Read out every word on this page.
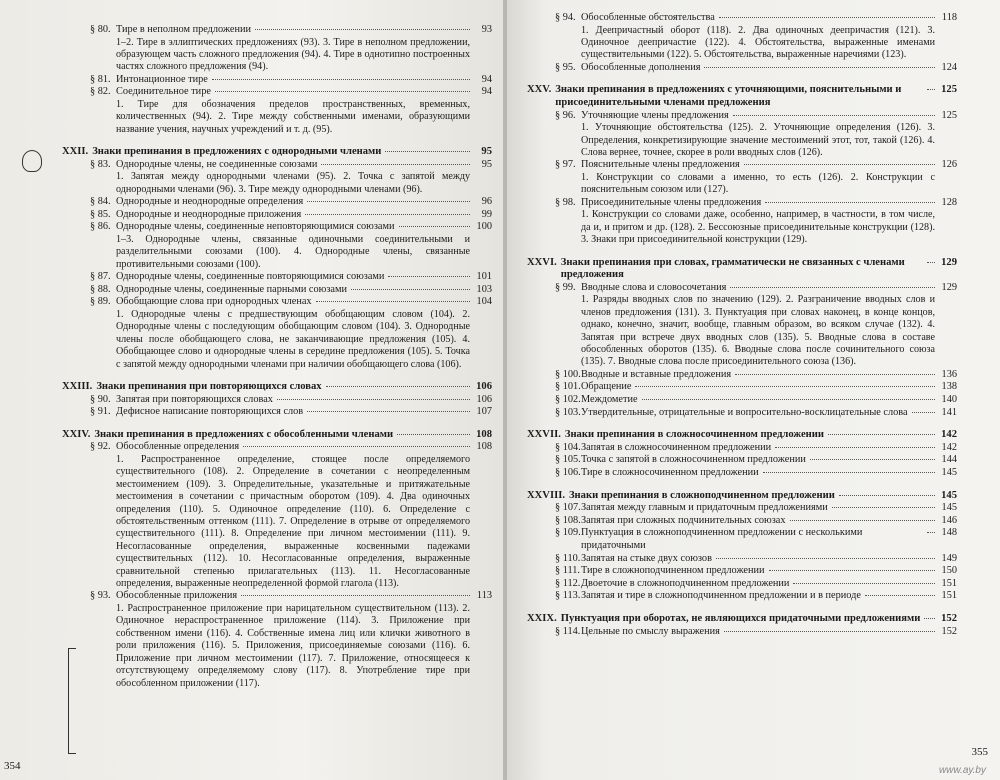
§ 80. Тире в неполном предложении	93
1–2. Тире в эллиптических предложениях (93). 3. Тире в неполном предложении, образующем часть сложного предложения (94). 4. Тире в однотипно построенных частях сложного предложения (94).
§ 81. Интонационное тире	94
§ 82. Соединительное тире	94
1. Тире для обозначения пределов пространственных, временных, количественных (94). 2. Тире между собственными именами, образующими название учения, научных учреждений и т. д. (95).
XXII. Знаки препинания в предложениях с однородными членами	95
§ 83. Однородные члены, не соединенные союзами	95
1. Запятая между однородными членами (95). 2. Точка с запятой между однородными членами (96). 3. Тире между однородными членами (96).
§ 84. Однородные и неоднородные определения	96
§ 85. Однородные и неоднородные приложения	99
§ 86. Однородные члены, соединенные неповторяющимися союзами	100
1–3. Однородные члены, связанные одиночными соединительными и разделительными союзами (100). 4. Однородные члены, связанные противительными союзами (100).
§ 87. Однородные члены, соединенные повторяющимися союзами	101
§ 88. Однородные члены, соединенные парными союзами	103
§ 89. Обобщающие слова при однородных членах	104
1. Однородные члены с предшествующим обобщающим словом (104). 2. Однородные члены с последующим обобщающим словом (104). 3. Однородные члены после обобщающего слова, не заканчивающие предложения (105). 4. Обобщающее слово и однородные члены в середине предложения (105). 5. Точка с запятой между однородными членами при наличии обобщающего слова (106).
XXIII. Знаки препинания при повторяющихся словах	106
§ 90. Запятая при повторяющихся словах	106
§ 91. Дефисное написание повторяющихся слов	107
XXIV. Знаки препинания в предложениях с обособленными членами	108
§ 92. Обособленные определения	108
1. Распространенное определение, стоящее после определяемого существительного (108). 2. Определение в сочетании с неопределенным местоимением (109). 3. Определительные, указательные и притяжательные местоимения в сочетании с причастным оборотом (109). 4. Два одиночных определения (110). 5. Одиночное определение (110). 6. Определение с обстоятельственным оттенком (111). 7. Определение в отрыве от определяемого существительного (111). 8. Определение при личном местоимении (111). 9. Несогласованные определения, выраженные косвенными падежами существительных (112). 10. Несогласованные определения, выраженные сравнительной степенью прилагательных (113). 11. Несогласованные определения, выраженные неопределенной формой глагола (113).
§ 93. Обособленные приложения	113
1. Распространенное приложение при нарицательном существительном (113). 2. Одиночное нераспространенное приложение (114). 3. Приложение при собственном имени (116). 4. Собственные имена лиц или клички животного в роли приложения (116). 5. Приложения, присоединяемые союзами (116). 6. Приложение при личном местоимении (117). 7. Приложение, относящееся к отсутствующему определяемому слову (117). 8. Употребление тире при обособленном приложении (117).
354
§ 94. Обособленные обстоятельства	118
1. Деепричастный оборот (118). 2. Два одиночных деепричастия (121). 3. Одиночное деепричастие (122). 4. Обстоятельства, выраженные именами существительными (122). 5. Обстоятельства, выраженные наречиями (123).
§ 95. Обособленные дополнения	124
XXV. Знаки препинания в предложениях с уточняющими, пояснительными и присоединительными членами предложения
125
§ 96. Уточняющие члены предложения	125
1. Уточняющие обстоятельства (125). 2. Уточняющие определения (126). 3. Определения, конкретизирующие значение местоимений этот, тот, такой (126). 4. Слова вернее, точнее, скорее в роли вводных слов (126).
§ 97. Пояснительные члены предложения	126
1. Конструкции со словами а именно, то есть (126). 2. Конструкции с пояснительным союзом или (127).
§ 98. Присоединительные члены предложения	128
1. Конструкции со словами даже, особенно, например, в частности, в том числе, да и, и притом и др. (128). 2. Бессоюзные присоединительные конструкции (128). 3. Знаки при присоединительной конструкции (129).
XXVI. Знаки препинания при словах, грамматически не связанных с членами предложения
129
§ 99. Вводные слова и словосочетания	129
1. Разряды вводных слов по значению (129). 2. Разграничение вводных слов и членов предложения (131). 3. Пунктуация при словах наконец, в конце концов, однако, конечно, значит, вообще, главным образом, во всяком случае (132). 4. Запятая при встрече двух вводных слов (135). 5. Вводные слова в составе обособленных оборотов (135). 6. Вводные слова после сочинительного союза (135). 7. Вводные слова после присоединительного союза (136).
§ 100. Вводные и вставные предложения	136
§ 101. Обращение	138
§ 102. Междометие	140
§ 103. Утвердительные, отрицательные и вопросительно-восклицательные слова	141
XXVII. Знаки препинания в сложносочиненном предложении	142
§ 104. Запятая в сложносочиненном предложении	142
§ 105. Точка с запятой в сложносочиненном предложении	144
§ 106. Тире в сложносочиненном предложении	145
XXVIII. Знаки препинания в сложноподчиненном предложении	145
§ 107. Запятая между главным и придаточным предложениями	145
§ 108. Запятая при сложных подчинительных союзах	146
§ 109. Пунктуация в сложноподчиненном предложении с несколькими придаточными
148
§ 110. Запятая на стыке двух союзов	149
§ 111. Тире в сложноподчиненном предложении	150
§ 112. Двоеточие в сложноподчиненном предложении	151
§ 113. Запятая и тире в сложноподчиненном предложении и в периоде	151
XXIX. Пунктуация при оборотах, не являющихся придаточными предложениями 152
§ 114. Цельные по смыслу выражения	152
355
www.ay.by
